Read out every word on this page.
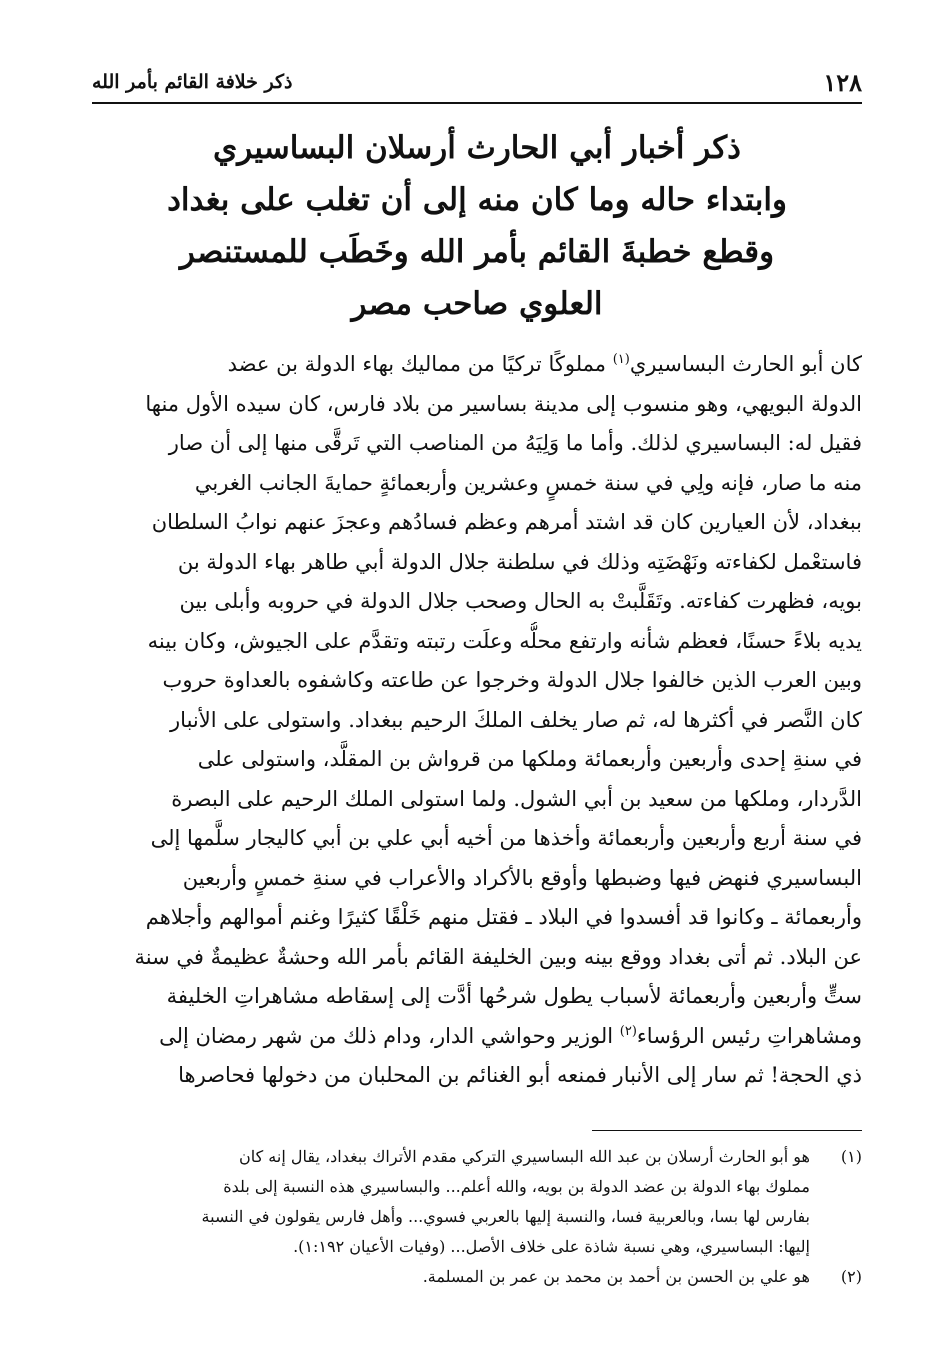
١٢٨
ذكر خلافة القائم بأمر الله
ذكر أخبار أبي الحارث أرسلان البساسيري
وابتداء حاله وما كان منه إلى أن تغلب على بغداد
وقطع خطبةَ القائم بأمر الله وخَطَب للمستنصر
العلوي صاحب مصر
كان أبو الحارث البساسيري$^{(١)}$ مملوكًا تركيًا من مماليك بهاء الدولة بن عضد
الدولة البويهي، وهو منسوب إلى مدينة بساسير من بلاد فارس، كان سيده الأول منها
فقيل له: البساسيري لذلك. وأما ما وَلِيَهُ من المناصب التي تَرقَّى منها إلى أن صار
منه ما صار، فإنه ولِي في سنة خمسٍ وعشرين وأربعمائةٍ حمايةَ الجانب الغربي
ببغداد، لأن العيارين كان قد اشتد أمرهم وعظم فسادُهم وعجزَ عنهم نوابُ السلطان
فاستعْمل لكفاءته ونَهْضَتِه وذلك في سلطنة جلال الدولة أبي طاهر بهاء الدولة بن
بويه، فظهرت كفاءته. وتَقَلَّبتْ به الحال وصحب جلال الدولة في حروبه وأبلى بين
يديه بلاءً حسنًا، فعظم شأنه وارتفع محلُّه وعلَت رتبته وتقدَّم على الجيوش، وكان بينه
وبين العرب الذين خالفوا جلال الدولة وخرجوا عن طاعته وكاشفوه بالعداوة حروب
كان النَّصر في أكثرها له، ثم صار يخلف الملكَ الرحيم ببغداد. واستولى على الأنبار
في سنةِ إحدى وأربعين وأربعمائة وملكها من قرواش بن المقلَّد، واستولى على
الدَّردار، وملكها من سعيد بن أبي الشول. ولما استولى الملك الرحيم على البصرة
في سنة أربع وأربعين وأربعمائة وأخذها من أخيه أبي علي بن أبي كاليجار سلَّمها إلى
البساسيري فنهض فيها وضبطها وأوقع بالأكراد والأعراب في سنةِ خمسٍ وأربعين
وأربعمائة ـ وكانوا قد أفسدوا في البلاد ـ فقتل منهم خَلْقًا كثيرًا وغنم أموالهم وأجلاهم
عن البلاد. ثم أتى بغداد ووقع بينه وبين الخليفة القائم بأمر الله وحشةٌ عظيمةٌ في سنة
ستٍّ وأربعين وأربعمائة لأسباب يطول شرحُها أدَّت إلى إسقاطه مشاهراتِ الخليفة
ومشاهراتِ رئيس الرؤساء$^{(٢)}$ الوزير وحواشي الدار، ودام ذلك من شهر رمضان إلى
ذي الحجة! ثم سار إلى الأنبار فمنعه أبو الغنائم بن المحلبان من دخولها فحاصرها
(١)
هو أبو الحارث أرسلان بن عبد الله البساسيري التركي مقدم الأتراك ببغداد، يقال إنه كان
مملوك بهاء الدولة بن عضد الدولة بن بويه، والله أعلم... والبساسيري هذه النسبة إلى بلدة
بفارس لها بسا، وبالعربية فسا، والنسبة إليها بالعربي فسوي... وأهل فارس يقولون في النسبة
إليها: البساسيري، وهي نسبة شاذة على خلاف الأصل... (وفيات الأعيان ١:١٩٢).
(٢)
هو علي بن الحسن بن أحمد بن محمد بن عمر بن المسلمة.
